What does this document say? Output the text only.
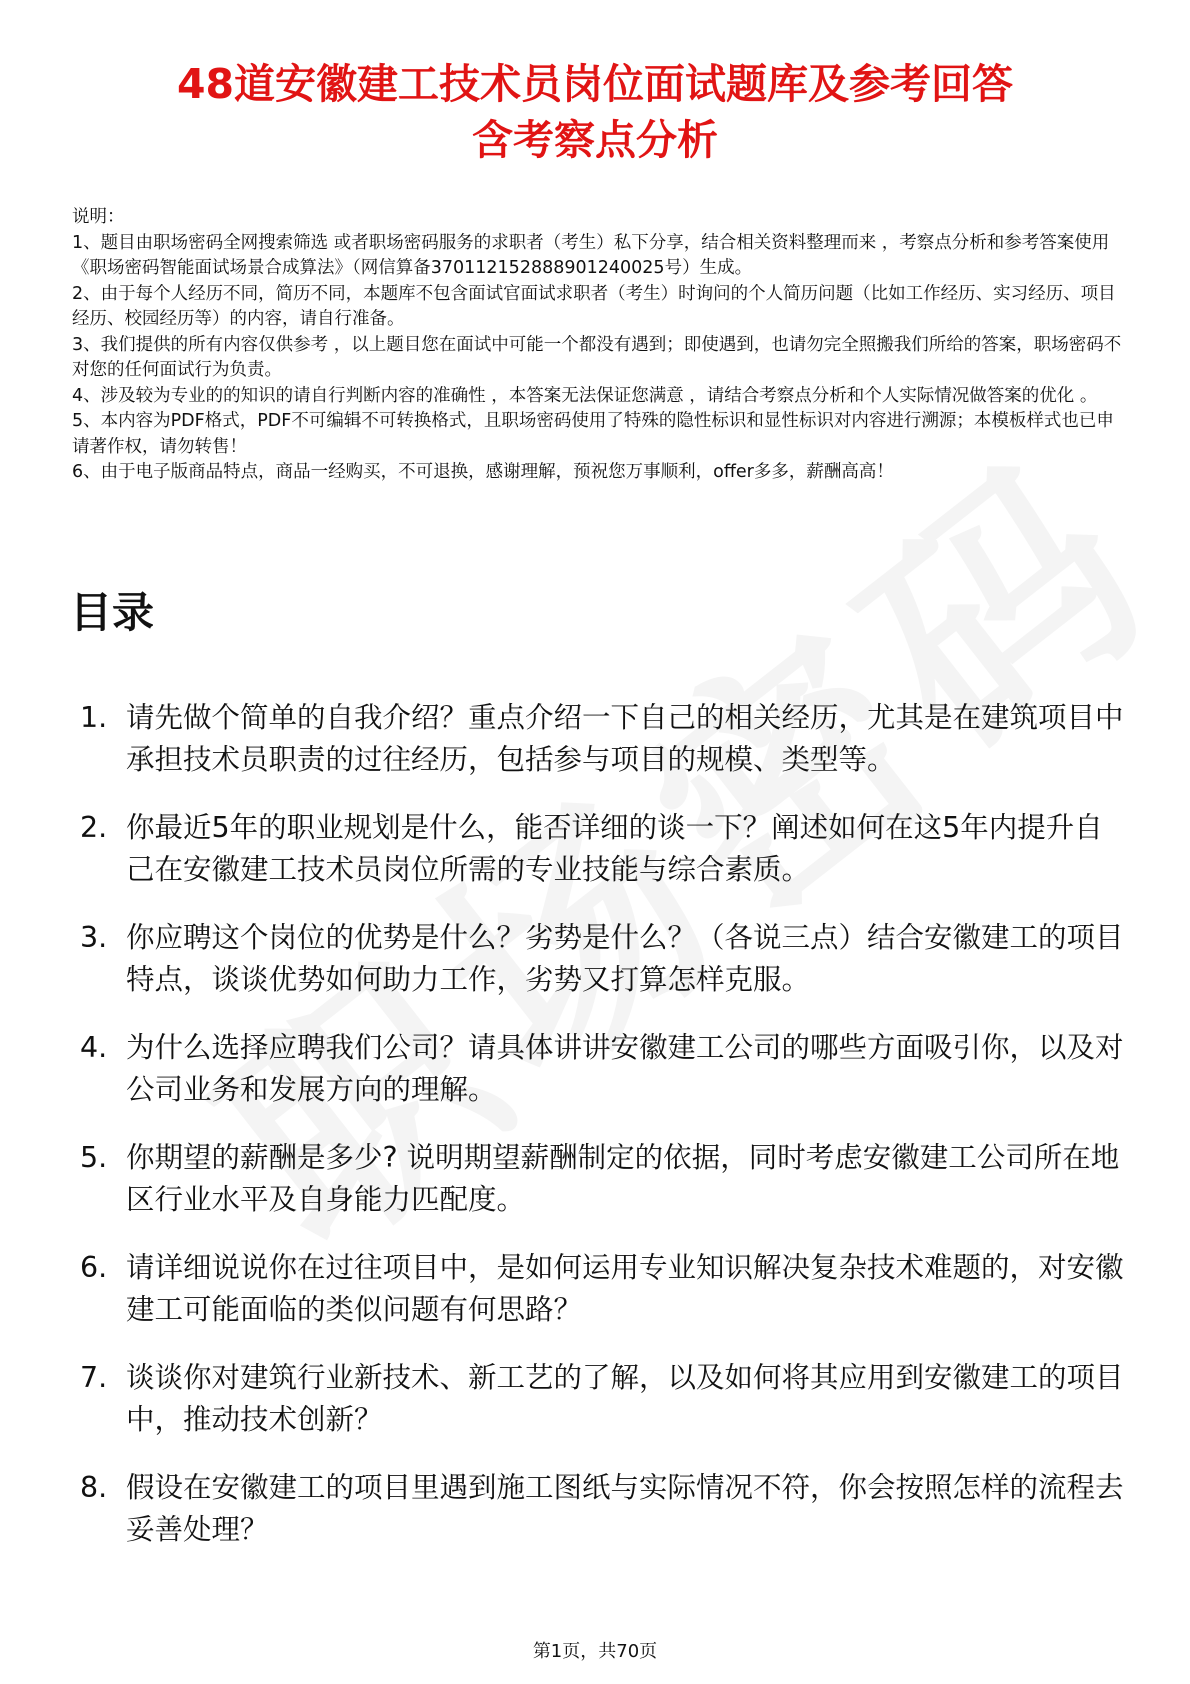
48道安徽建工技术员岗位面试题库及参考回答
含考察点分析

说明：

1、题目由职场密码全网搜索筛选 或者职场密码服务的求职者（考生）私下分享，结合相关资料整理而来 ，考察点分析和参考答案使用《职场密码智能面试场景合成算法》（网信算备370112152888901240025号）生成。

2、由于每个人经历不同，简历不同，本题库不包含面试官面试求职者（考生）时询问的个人简历问题（比如工作经历、实习经历、项目经历、校园经历等）的内容，请自行准备。

3、我们提供的所有内容仅供参考 ，以上题目您在面试中可能一个都没有遇到；即使遇到，也请勿完全照搬我们所给的答案，职场密码不对您的任何面试行为负责。

4、涉及较为专业的的知识的请自行判断内容的准确性 ，本答案无法保证您满意 ，请结合考察点分析和个人实际情况做答案的优化 。

5、本内容为PDF格式，PDF不可编辑不可转换格式，且职场密码使用了特殊的隐性标识和显性标识对内容进行溯源；本模板样式也已申请著作权，请勿转售！

6、由于电子版商品特点，商品一经购买，不可退换，感谢理解，预祝您万事顺利，offer多多，薪酬高高！

目录
1. 请先做个简单的自我介绍？重点介绍一下自己的相关经历，尤其是在建筑项目中承担技术员职责的过往经历，包括参与项目的规模、类型等。
2. 你最近5年的职业规划是什么，能否详细的谈一下？阐述如何在这5年内提升自己在安徽建工技术员岗位所需的专业技能与综合素质。
3. 你应聘这个岗位的优势是什么？劣势是什么？（各说三点）结合安徽建工的项目特点，谈谈优势如何助力工作，劣势又打算怎样克服。
4. 为什么选择应聘我们公司？请具体讲讲安徽建工公司的哪些方面吸引你，以及对公司业务和发展方向的理解。
5. 你期望的薪酬是多少? 说明期望薪酬制定的依据，同时考虑安徽建工公司所在地区行业水平及自身能力匹配度。
6. 请详细说说你在过往项目中，是如何运用专业知识解决复杂技术难题的，对安徽建工可能面临的类似问题有何思路？
7. 谈谈你对建筑行业新技术、新工艺的了解，以及如何将其应用到安徽建工的项目中，推动技术创新？
8. 假设在安徽建工的项目里遇到施工图纸与实际情况不符，你会按照怎样的流程去妥善处理？
第1页，共70页
